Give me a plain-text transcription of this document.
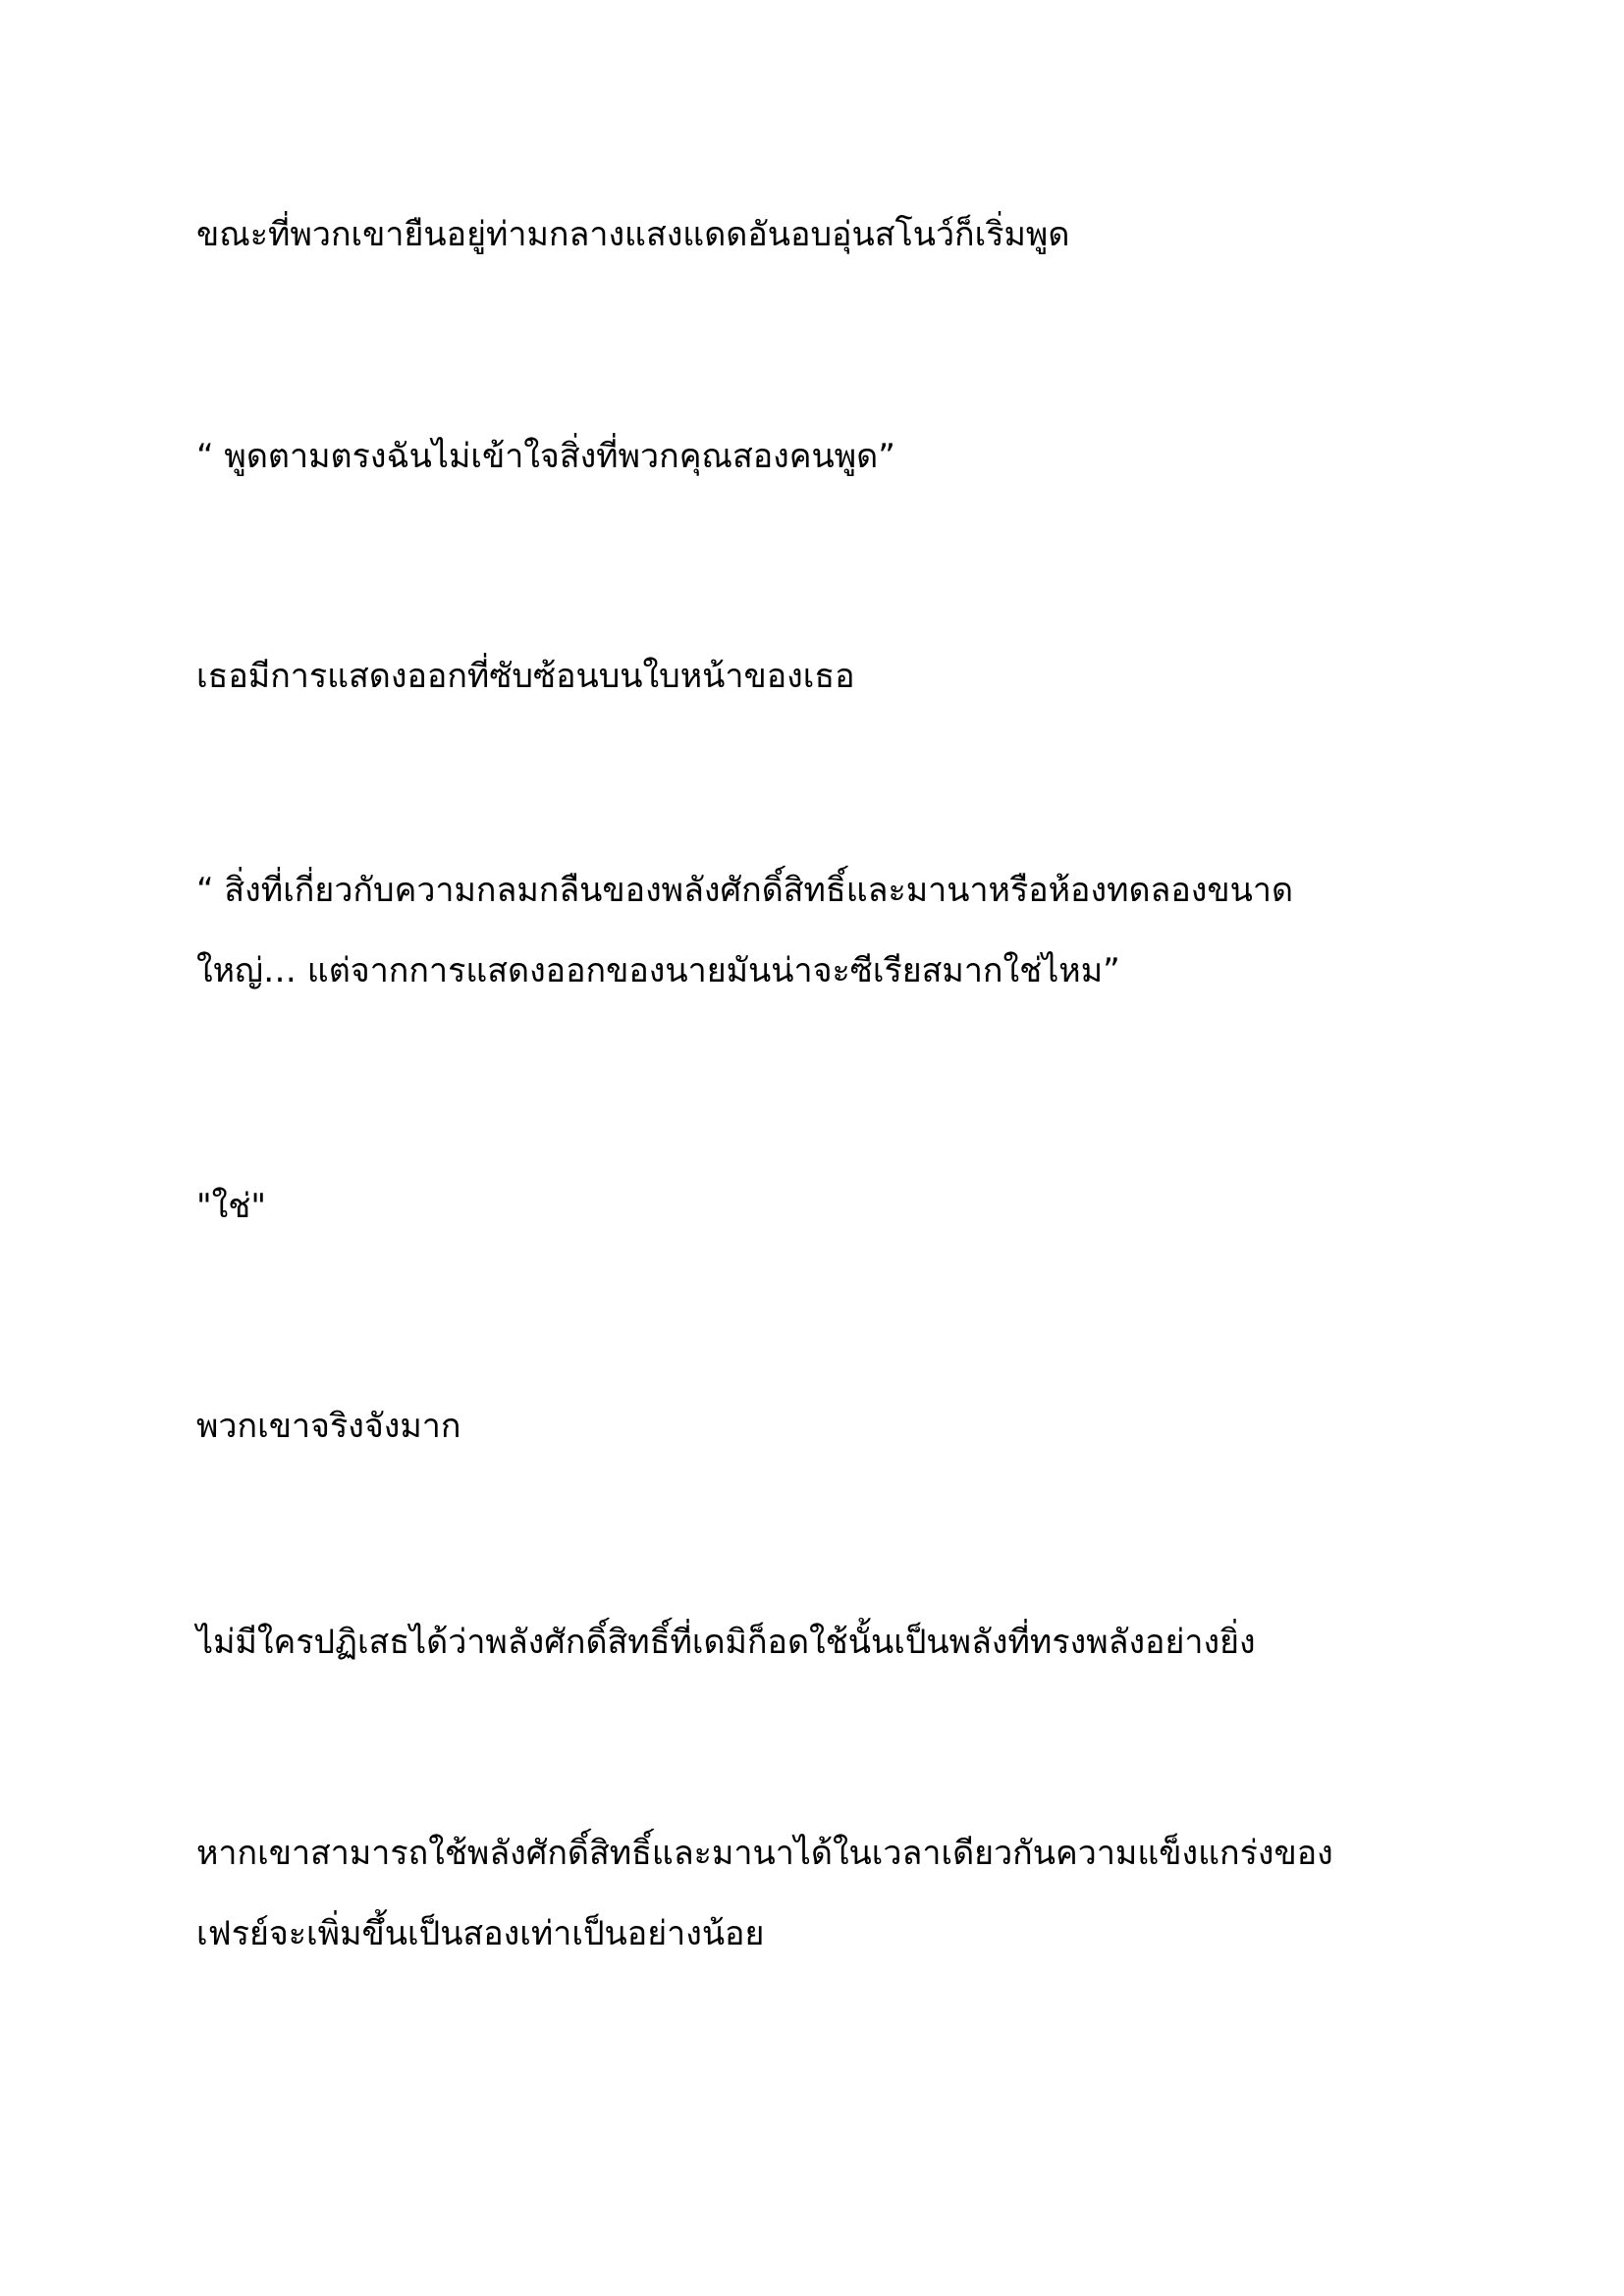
ขณะที่พวกเขายืนอยู่ท่ามกลางแสงแดดอันอบอุ่นสโนว์ก็เริ่มพูด

“ พูดตามตรงฉันไม่เข้าใจสิ่งที่พวกคุณสองคนพูด”

เธอมีการแสดงออกที่ซับซ้อนบนใบหน้าของเธอ

“ สิ่งที่เกี่ยวกับความกลมกลืนของพลังศักดิ์สิทธิ์และมานาหรือห้องทดลองขนาด
ใหญ่… แต่จากการแสดงออกของนายมันน่าจะซีเรียสมากใช่ไหม”

"ใช่"

พวกเขาจริงจังมาก

ไม่มีใครปฏิเสธได้ว่าพลังศักดิ์สิทธิ์ที่เดมิก็อดใช้นั้นเป็นพลังที่ทรงพลังอย่างยิ่ง

หากเขาสามารถใช้พลังศักดิ์สิทธิ์และมานาได้ในเวลาเดียวกันความแข็งแกร่งของ
เฟรย์จะเพิ่มขึ้นเป็นสองเท่าเป็นอย่างน้อย
